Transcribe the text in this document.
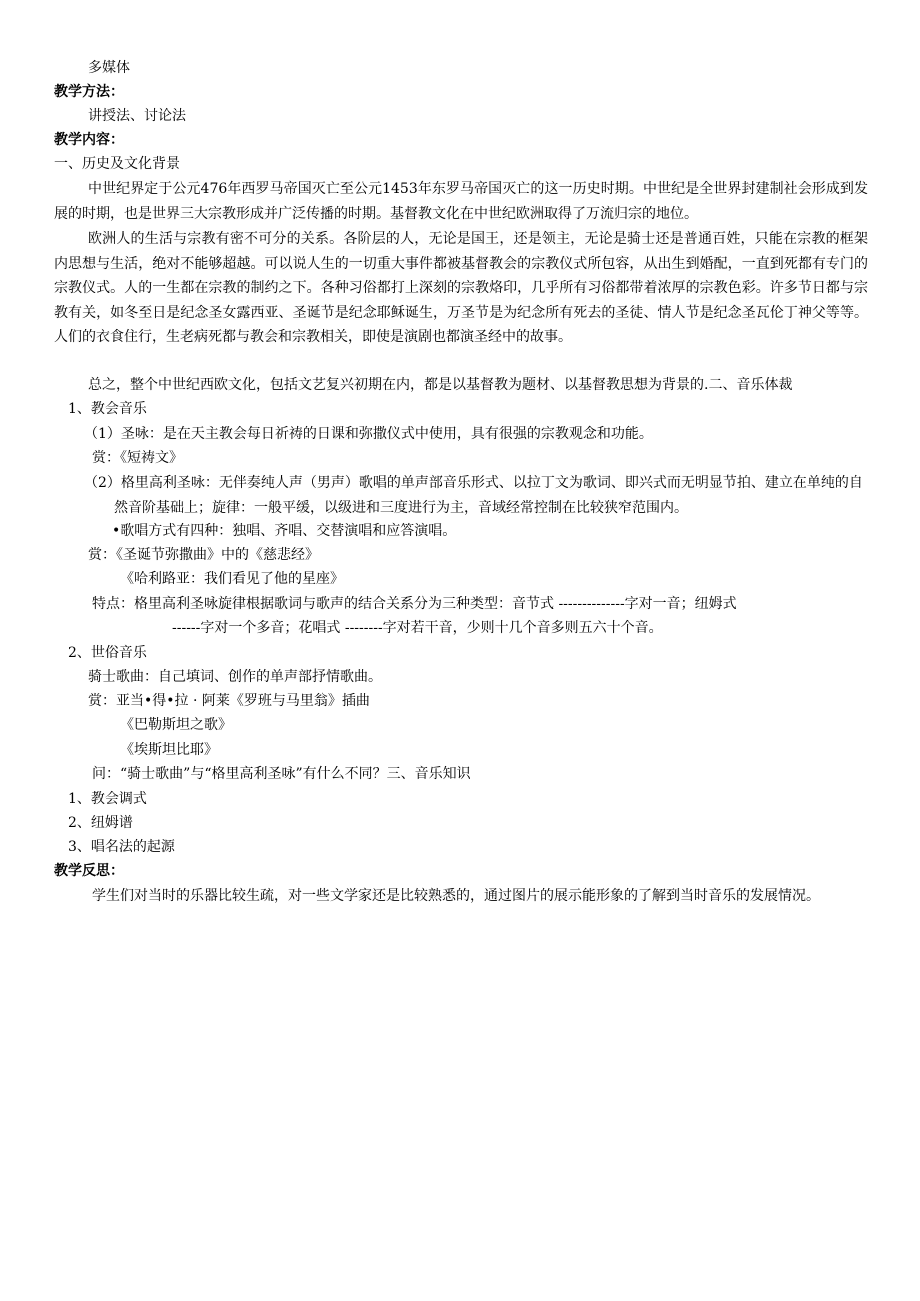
多媒体
教学方法：
讲授法、讨论法
教学内容：
一、历史及文化背景
中世纪界定于公元476年西罗马帝国灭亡至公元1453年东罗马帝国灭亡的这一历史时期。中世纪是全世界封建制社会形成到发展的时期，也是世界三大宗教形成并广泛传播的时期。基督教文化在中世纪欧洲取得了万流归宗的地位。
欧洲人的生活与宗教有密不可分的关系。各阶层的人，无论是国王，还是领主，无论是骑士还是普通百姓，只能在宗教的框架内思想与生活，绝对不能够超越。可以说人生的一切重大事件都被基督教会的宗教仪式所包容，从出生到婚配，一直到死都有专门的宗教仪式。人的一生都在宗教的制约之下。各种习俗都打上深刻的宗教烙印，几乎所有习俗都带着浓厚的宗教色彩。许多节日都与宗教有关，如冬至日是纪念圣女露西亚、圣诞节是纪念耶稣诞生，万圣节是为纪念所有死去的圣徒、情人节是纪念圣瓦伦丁神父等等。人们的衣食住行，生老病死都与教会和宗教相关，即使是演剧也都演圣经中的故事。
总之，整个中世纪西欧文化，包括文艺复兴初期在内，都是以基督教为题材、以基督教思想为背景的.二、音乐体裁
1、教会音乐
（1）圣咏：是在天主教会每日祈祷的日课和弥撒仪式中使用，具有很强的宗教观念和功能。
赏：《短祷文》
（2）格里高利圣咏：无伴奏纯人声（男声）歌唱的单声部音乐形式、以拉丁文为歌词、即兴式而无明显节拍、建立在单纯的自然音阶基础上；旋律：一般平缓，以级进和三度进行为主，音域经常控制在比较狭窄范围内。
•歌唱方式有四种：独唱、齐唱、交替演唱和应答演唱。
赏：《圣诞节弥撒曲》中的《慈悲经》
《哈利路亚：我们看见了他的星座》
特点：格里高利圣咏旋律根据歌词与歌声的结合关系分为三种类型：音节式 --------------字对一音；纽姆式
------字对一个多音；花唱式 --------字对若干音，少则十几个音多则五六十个音。
2、世俗音乐
骑士歌曲：自己填词、创作的单声部抒情歌曲。
赏：亚当•得•拉 · 阿莱《罗班与马里翁》插曲
《巴勒斯坦之歌》
《埃斯坦比耶》
问：“骑士歌曲”与“格里高利圣咏”有什么不同？三、音乐知识
1、教会调式
2、纽姆谱
3、唱名法的起源
教学反思：
学生们对当时的乐器比较生疏，对一些文学家还是比较熟悉的，通过图片的展示能形象的了解到当时音乐的发展情况。
